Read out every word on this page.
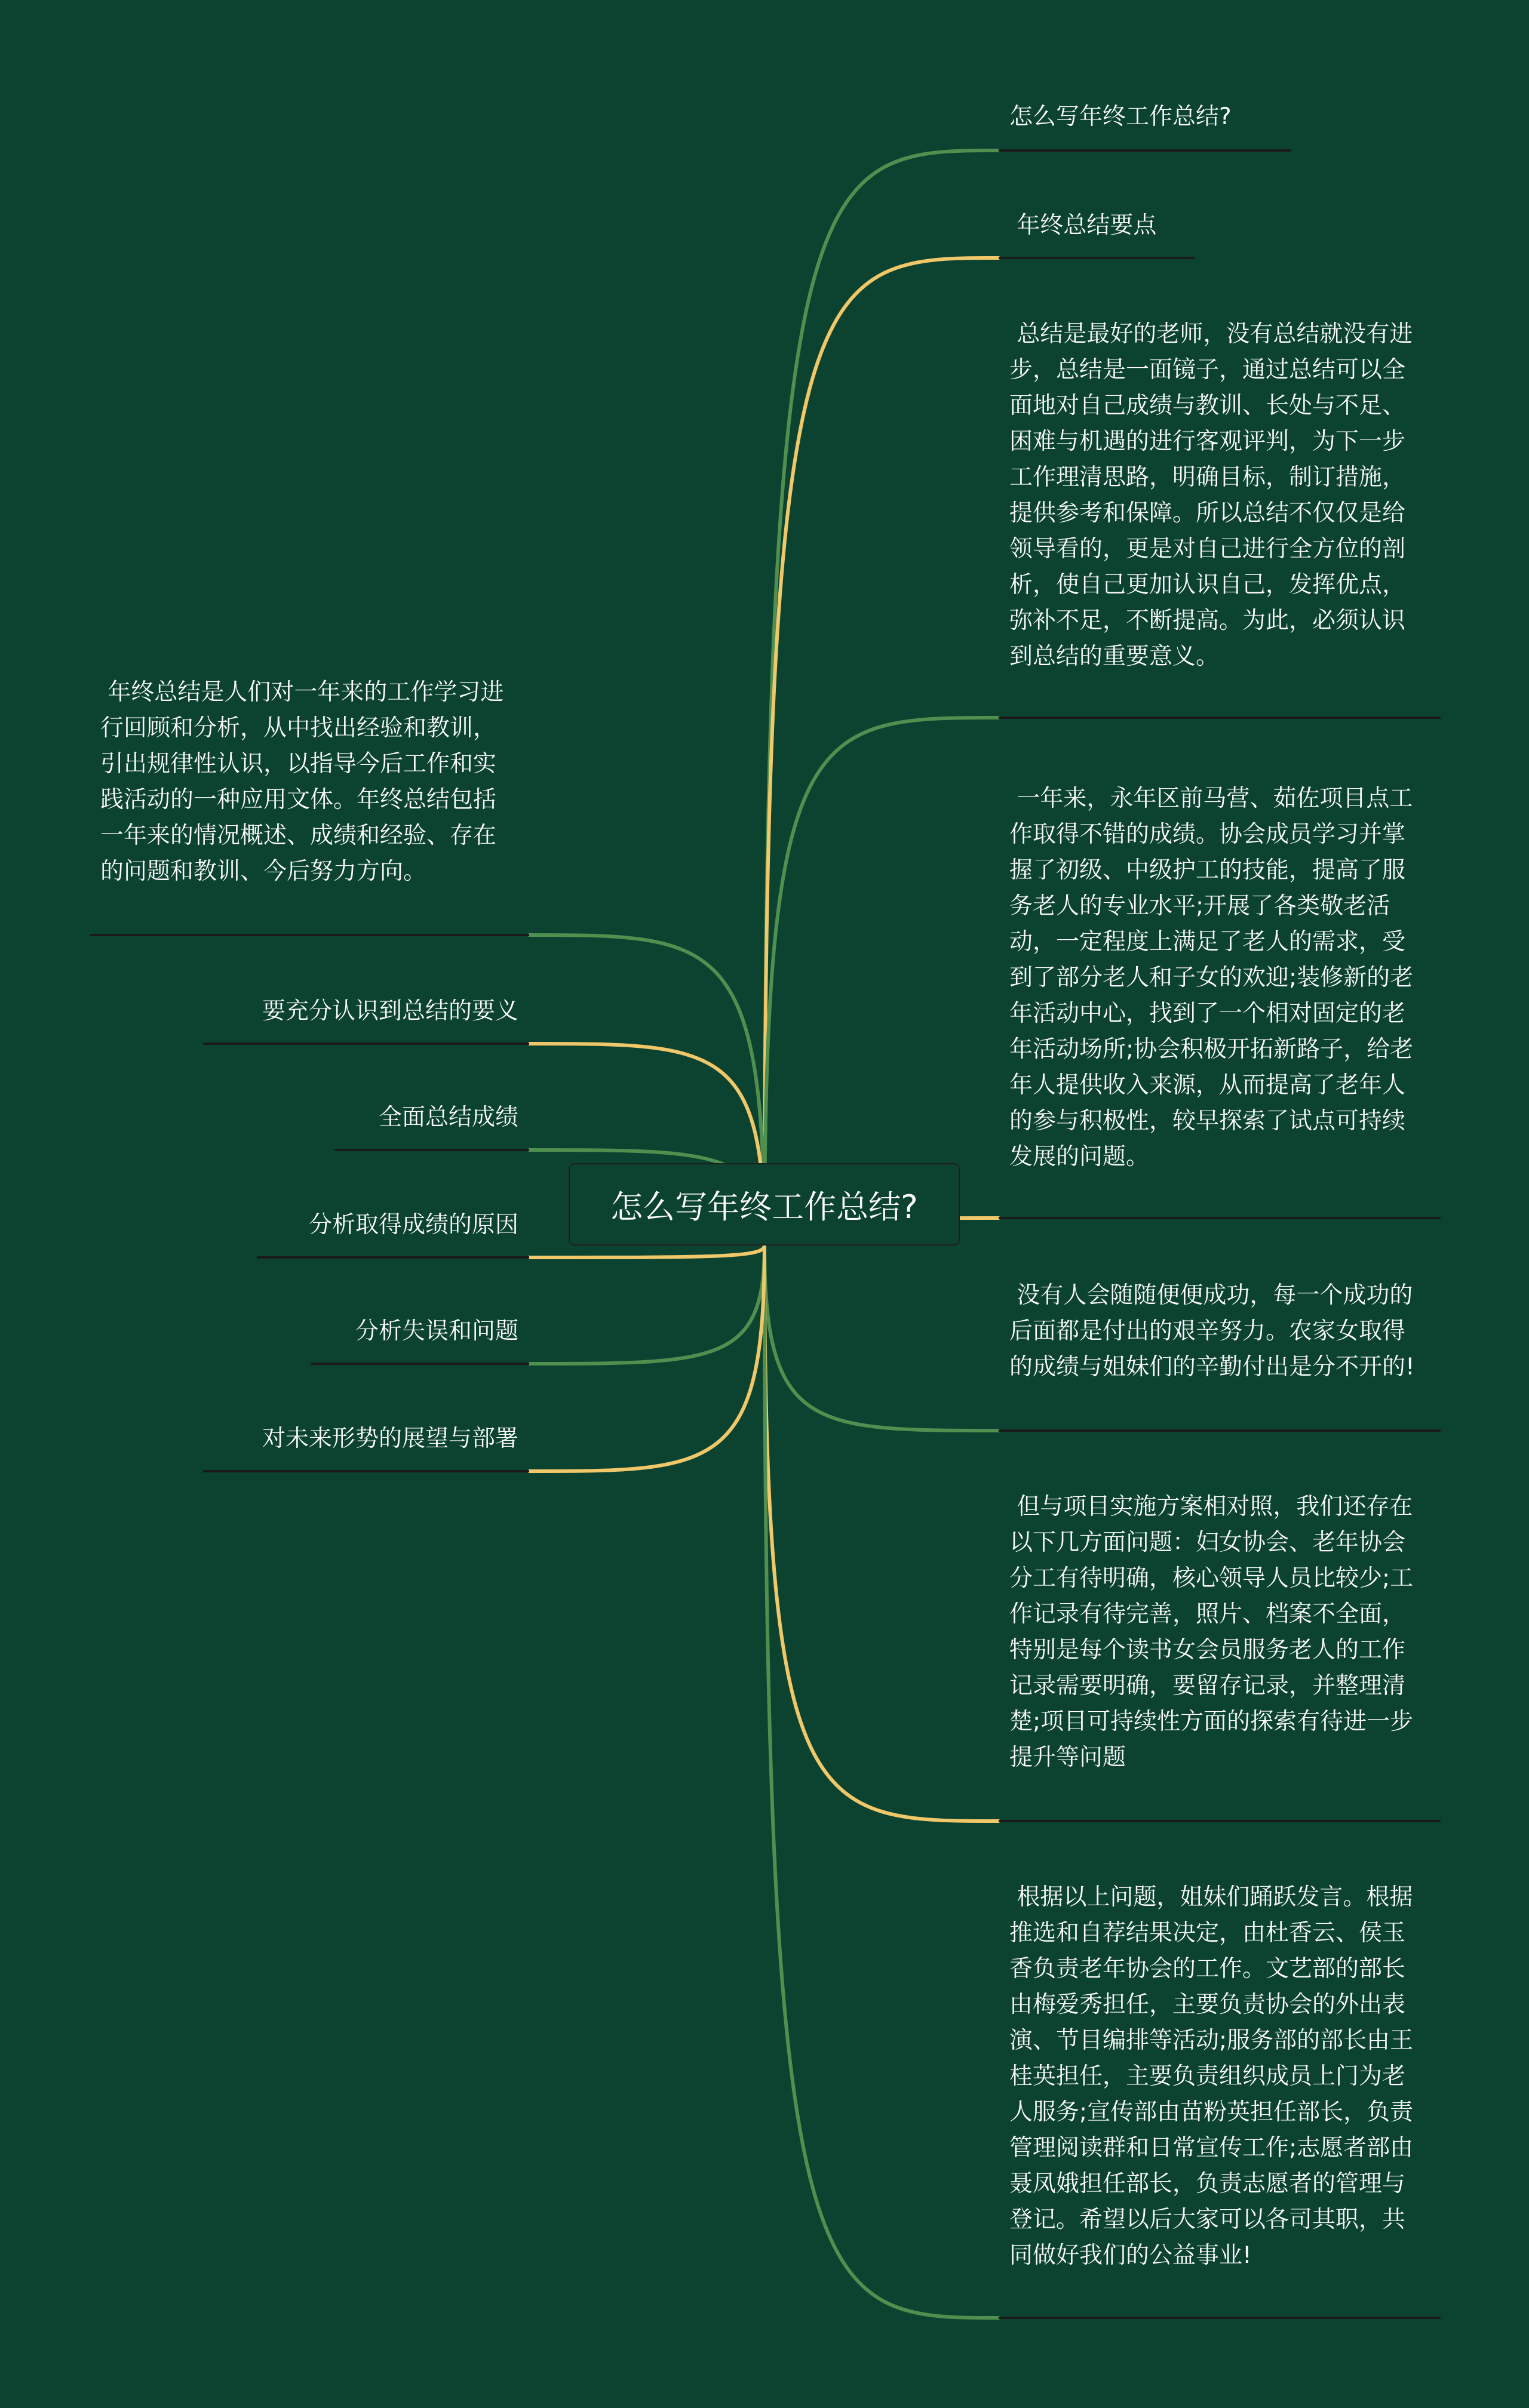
怎么写年终工作总结?
年终总结要点
总结是最好的老师，没有总结就没有进步，总结是一面镜子，通过总结可以全面地对自己成绩与教训、长处与不足、困难与机遇的进行客观评判，为下一步工作理清思路，明确目标，制订措施，提供参考和保障。所以总结不仅仅是给领导看的，更是对自己进行全方位的剖析，使自己更加认识自己，发挥优点，弥补不足，不断提高。为此，必须认识到总结的重要意义。
一年来，永年区前马营、茹佐项目点工作取得不错的成绩。协会成员学习并掌握了初级、中级护工的技能，提高了服务老人的专业水平;开展了各类敬老活动，一定程度上满足了老人的需求，受到了部分老人和子女的欢迎;装修新的老年活动中心，找到了一个相对固定的老年活动场所;协会积极开拓新路子，给老年人提供收入来源，从而提高了老年人的参与积极性，较早探索了试点可持续发展的问题。
没有人会随随便便成功，每一个成功的后面都是付出的艰辛努力。农家女取得的成绩与姐妹们的辛勤付出是分不开的!
但与项目实施方案相对照，我们还存在以下几方面问题：妇女协会、老年协会分工有待明确，核心领导人员比较少;工作记录有待完善，照片、档案不全面，特别是每个读书女会员服务老人的工作记录需要明确，要留存记录，并整理清楚;项目可持续性方面的探索有待进一步提升等问题
根据以上问题，姐妹们踊跃发言。根据推选和自荐结果决定，由杜香云、侯玉香负责老年协会的工作。文艺部的部长由梅爱秀担任，主要负责协会的外出表演、节目编排等活动;服务部的部长由王桂英担任，主要负责组织成员上门为老人服务;宣传部由苗粉英担任部长，负责管理阅读群和日常宣传工作;志愿者部由聂凤娥担任部长，负责志愿者的管理与登记。希望以后大家可以各司其职，共同做好我们的公益事业!
年终总结是人们对一年来的工作学习进行回顾和分析，从中找出经验和教训，引出规律性认识，以指导今后工作和实践活动的一种应用文体。年终总结包括一年来的情况概述、成绩和经验、存在的问题和教训、今后努力方向。
要充分认识到总结的要义
全面总结成绩
分析取得成绩的原因
分析失误和问题
对未来形势的展望与部署
怎么写年终工作总结?
